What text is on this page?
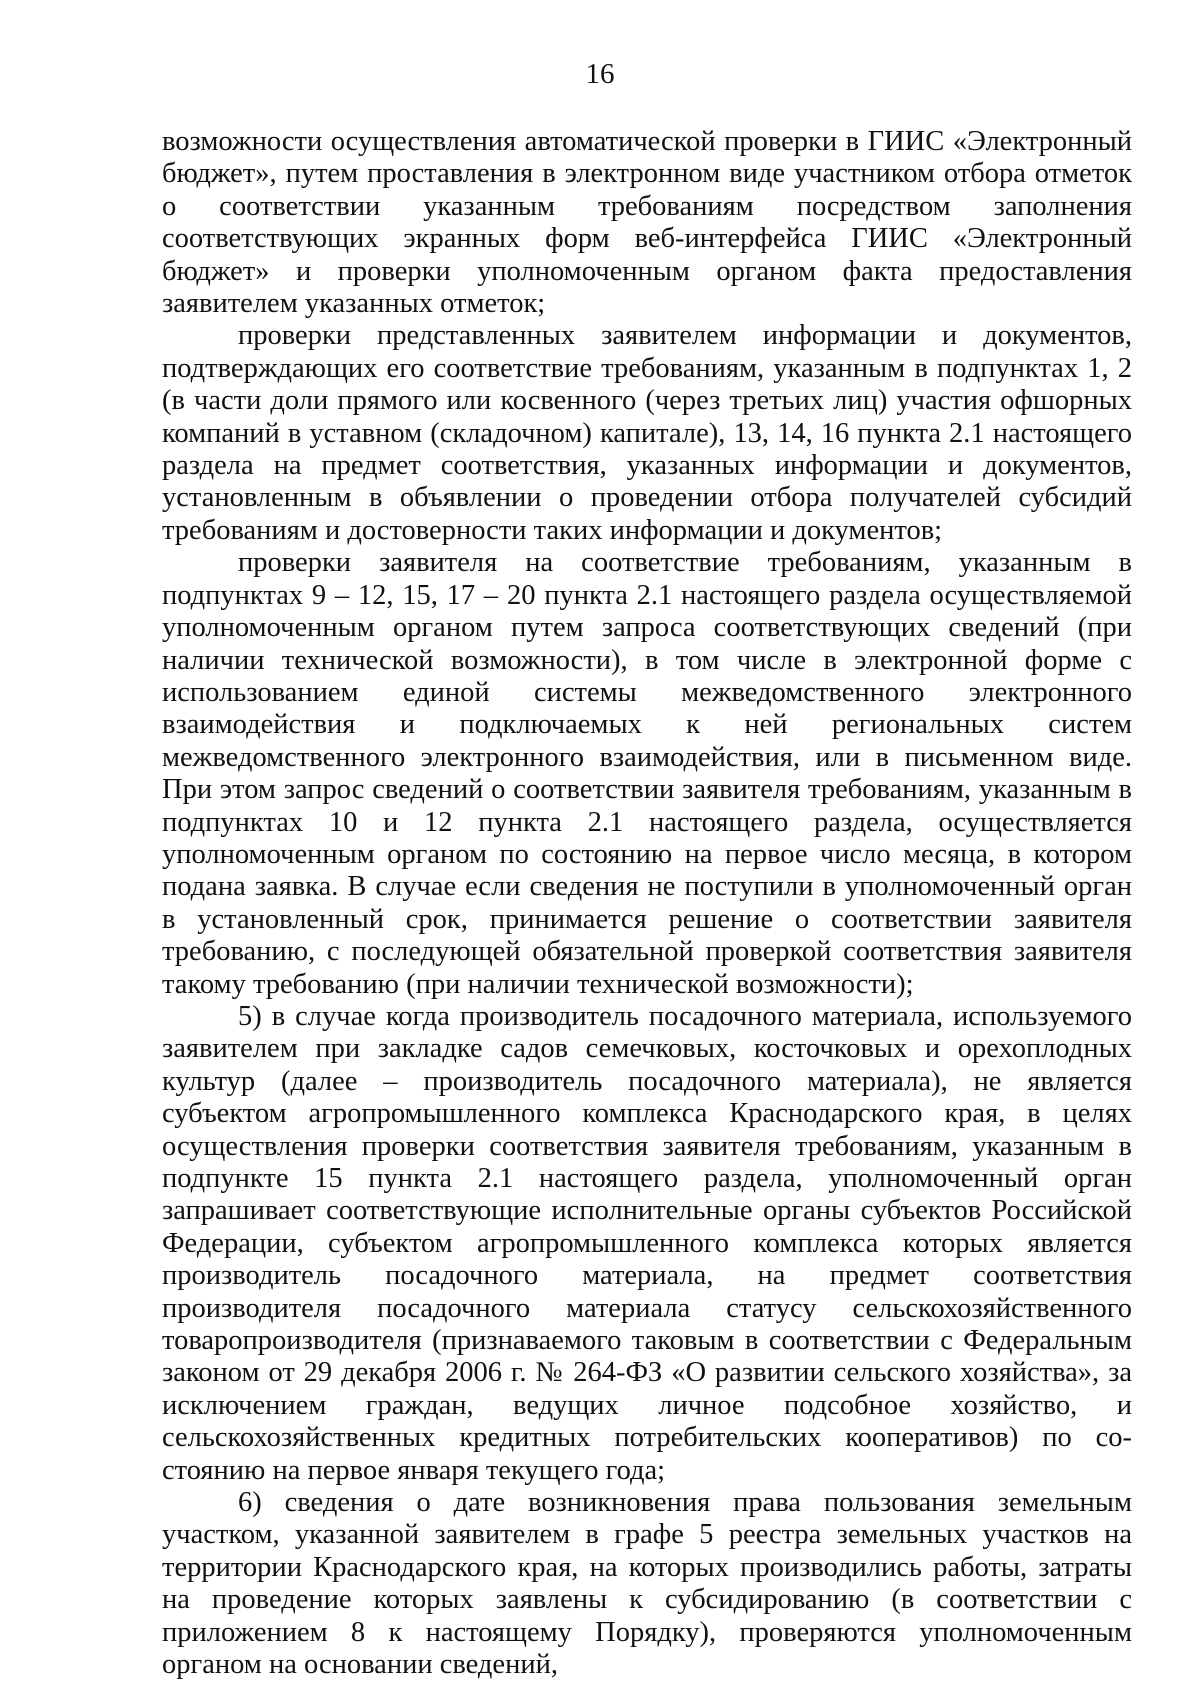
16

возможности осуществления автоматической проверки в ГИИС «Электронный бюджет», путем проставления в электронном виде участником отбора отметок о соответствии указанным требованиям посредством заполнения соответствующих экранных форм веб-интерфейса ГИИС «Электронный бюджет» и проверки уполномоченным органом факта предоставления заявителем указанных отметок;

проверки представленных заявителем информации и документов, подтверждающих его соответствие требованиям, указанным в подпунктах 1, 2 (в части доли прямого или косвенного (через третьих лиц) участия офшорных компаний в уставном (складочном) капитале), 13, 14, 16 пункта 2.1 настоящего раздела на предмет соответствия, указанных информации и документов, установленным в объявлении о проведении отбора получателей субсидий требованиям и достоверности таких информации и документов;

проверки заявителя на соответствие требованиям, указанным в подпунктах 9 – 12, 15, 17 – 20 пункта 2.1 настоящего раздела осуществляемой уполномоченным органом путем запроса соответствующих сведений (при наличии технической возможности), в том числе в электронной форме с использованием единой системы межведомственного электронного взаимодействия и подключаемых к ней региональных систем межведомственного электронного взаимодействия, или в письменном виде. При этом запрос сведений о соответствии заявителя требованиям, указанным в подпунктах 10 и 12 пункта 2.1 настоящего раздела, осуществляется уполномоченным органом по состоянию на первое число месяца, в котором подана заявка. В случае если сведения не поступили в уполномоченный орган в установленный срок, принимается решение о соответствии заявителя требованию, с последующей обязательной проверкой соответствия заявителя такому требованию (при наличии технической возможности);

5) в случае когда производитель посадочного материала, используемого заявителем при закладке садов семечковых, косточковых и орехоплодных культур (далее – производитель посадочного материала), не является субъектом агропромышленного комплекса Краснодарского края, в целях осуществления проверки соответствия заявителя требованиям, указанным в подпункте 15 пункта 2.1 настоящего раздела, уполномоченный орган запрашивает соответствующие исполнительные органы субъектов Российской Федерации, субъектом агропромышленного комплекса которых является производитель посадочного материала, на предмет соответствия производителя посадочного материала статусу сельскохозяйственного товаропроизводителя (признаваемого таковым в соответствии с Федеральным законом от 29 декабря 2006 г. № 264-ФЗ «О развитии сельского хозяйства», за исключением граждан, ведущих личное подсобное хозяйство, и сельскохозяйственных кредитных потребительских кооперативов) по состоянию на первое января текущего года;

6) сведения о дате возникновения права пользования земельным участком, указанной заявителем в графе 5 реестра земельных участков на территории Краснодарского края, на которых производились работы, затраты на проведение которых заявлены к субсидированию (в соответствии с приложением 8 к настоящему Порядку), проверяются уполномоченным органом на основании сведений,
